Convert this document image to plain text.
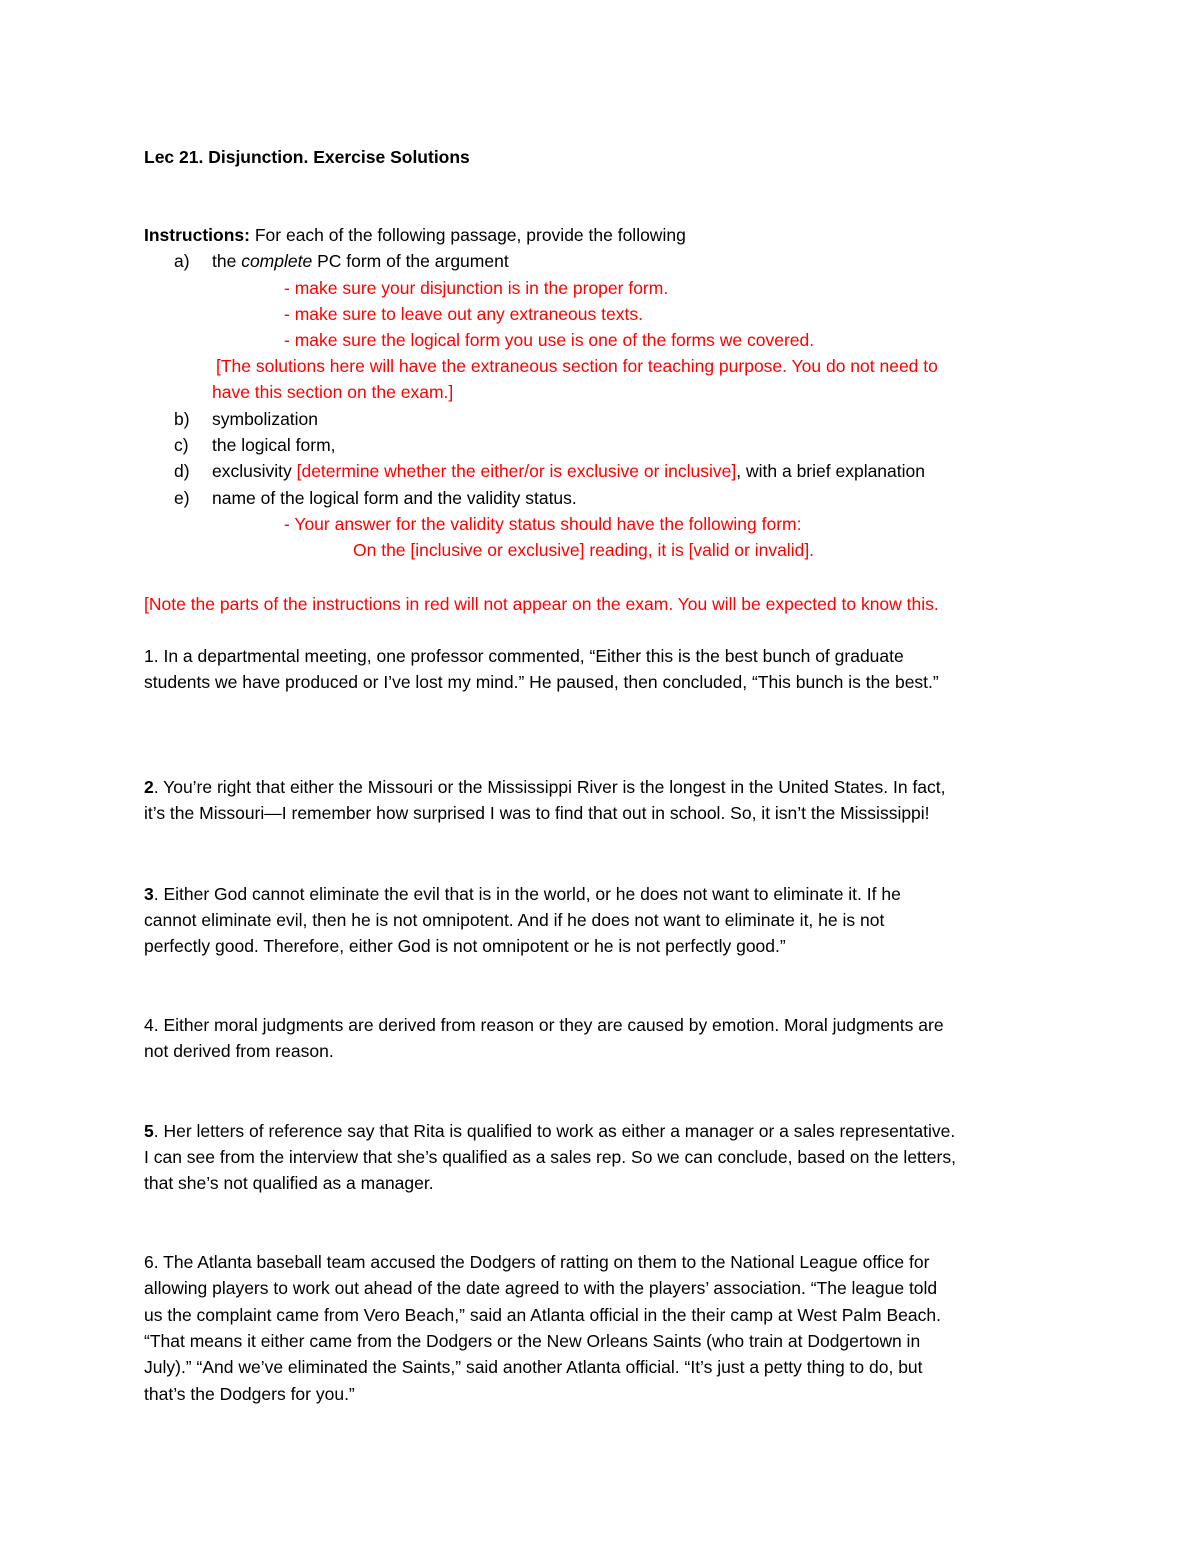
Lec 21. Disjunction. Exercise Solutions
Instructions: For each of the following passage, provide the following
a) the complete PC form of the argument
- make sure your disjunction is in the proper form.
- make sure to leave out any extraneous texts.
- make sure the logical form you use is one of the forms we covered.
[The solutions here will have the extraneous section for teaching purpose. You do not need to
have this section on the exam.]
b) symbolization
c) the logical form,
d) exclusivity [determine whether the either/or is exclusive or inclusive], with a brief explanation
e) name of the logical form and the validity status.
- Your answer for the validity status should have the following form:
On the [inclusive or exclusive] reading, it is [valid or invalid].
[Note the parts of the instructions in red will not appear on the exam. You will be expected to know this.
1. In a departmental meeting, one professor commented, “Either this is the best bunch of graduate
students we have produced or I’ve lost my mind.” He paused, then concluded, “This bunch is the best.”
2. You’re right that either the Missouri or the Mississippi River is the longest in the United States. In fact,
it’s the Missouri—I remember how surprised I was to find that out in school. So, it isn’t the Mississippi!
3. Either God cannot eliminate the evil that is in the world, or he does not want to eliminate it. If he
cannot eliminate evil, then he is not omnipotent. And if he does not want to eliminate it, he is not
perfectly good. Therefore, either God is not omnipotent or he is not perfectly good.”
4. Either moral judgments are derived from reason or they are caused by emotion. Moral judgments are
not derived from reason.
5. Her letters of reference say that Rita is qualified to work as either a manager or a sales representative.
I can see from the interview that she’s qualified as a sales rep. So we can conclude, based on the letters,
that she’s not qualified as a manager.
6. The Atlanta baseball team accused the Dodgers of ratting on them to the National League office for
allowing players to work out ahead of the date agreed to with the players’ association. “The league told
us the complaint came from Vero Beach,” said an Atlanta official in the their camp at West Palm Beach.
“That means it either came from the Dodgers or the New Orleans Saints (who train at Dodgertown in
July).” “And we’ve eliminated the Saints,” said another Atlanta official. “It’s just a petty thing to do, but
that’s the Dodgers for you.”
